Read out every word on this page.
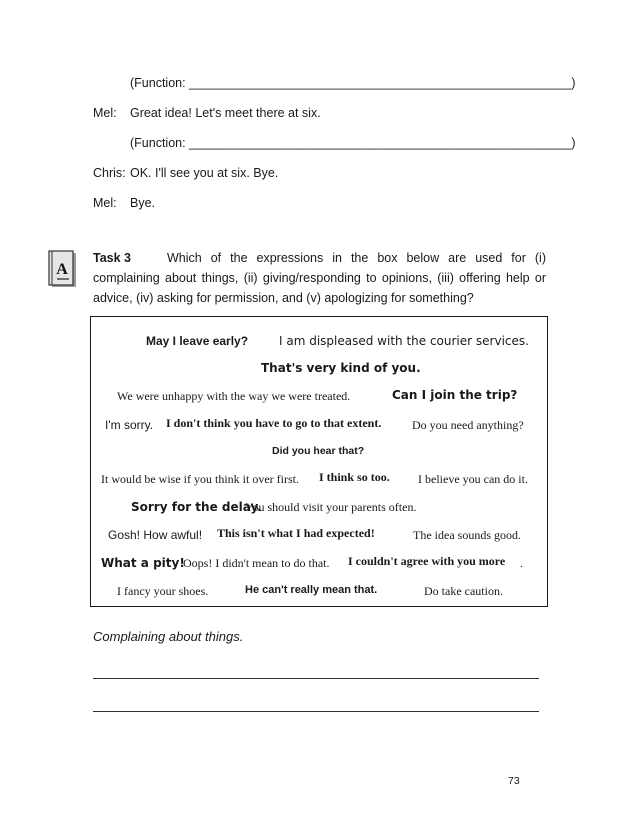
(Function: _______________________________________________________)
Mel: Great idea! Let's meet there at six.
(Function: _______________________________________________________)
Chris: OK. I'll see you at six. Bye.
Mel: Bye.
A
Task 3	Which of the expressions in the box below are used for (i)
complaining about things, (ii) giving/responding to opinions, (iii) offering help or
advice, (iv) asking for permission, and (v) apologizing for something?
May I leave early?	I am displeased with the courier services.
That's very kind of you.
We were unhappy with the way we were treated.	Can I join the trip?
I'm sorry. I don't think you have to go to that extent.	Do you need anything?
Did you hear that?
It would be wise if you think it over first. I think so too. I believe you can do it.
Sorry for the delay.
You should visit your parents often.
Gosh! How awful! This isn't what I had expected!	The idea sounds good.
What a pity!
Oops! I didn't mean to do that. I couldn't agree with you more .
I fancy your shoes.	He can't really mean that.	Do take caution.
Complaining about things.
73
